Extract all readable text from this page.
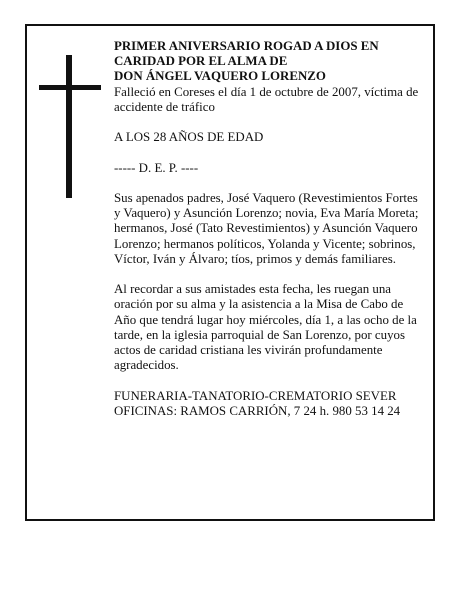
PRIMER ANIVERSARIO ROGAD A DIOS EN
CARIDAD POR EL ALMA DE
DON ÁNGEL VAQUERO LORENZO

Falleció en Coreses el día 1 de octubre de 2007, víctima de accidente de tráfico

A LOS 28 AÑOS DE EDAD

----- D. E. P. ----

Sus apenados padres, José Vaquero (Revestimientos Fortes y Vaquero) y Asunción Lorenzo; novia, Eva María Moreta; hermanos, José (Tato Revestimientos) y Asunción Vaquero Lorenzo; hermanos políticos, Yolanda y Vicente; sobrinos, Víctor, Iván y Álvaro; tíos, primos y demás familiares.

Al recordar a sus amistades esta fecha, les ruegan una oración por su alma y la asistencia a la Misa de Cabo de Año que tendrá lugar hoy miércoles, día 1, a las ocho de la tarde, en la iglesia parroquial de San Lorenzo, por cuyos actos de caridad cristiana les vivirán profundamente agradecidos.

FUNERARIA-TANATORIO-CREMATORIO SEVER

OFICINAS: RAMOS CARRIÓN, 7 24 h. 980 53 14 24
